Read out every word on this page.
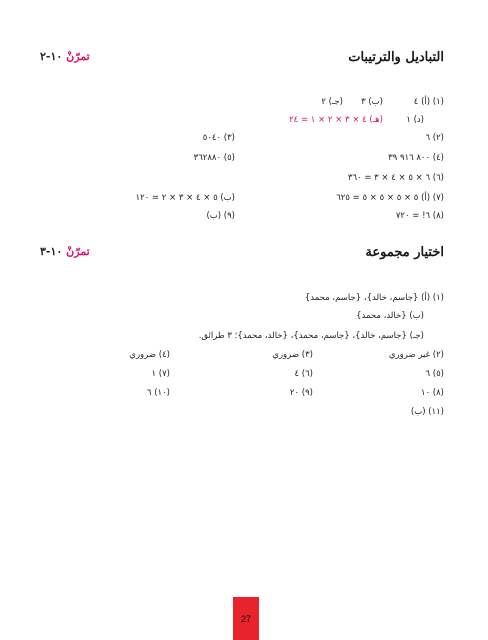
التباديل والترتيبات
تمرّنْ ١٠-٢
(١) (أ) ٤
(ب) ٣
(جـ) ٢
(د) ١
(هـ) ٤ × ٣ × ٢ × ١ = ٢٤
(٢) ٦
(٣) ٥٠٤٠
(٤) ٨٠٠ ٩١٦ ٣٩
(٥) ٣٦٢٨٨٠
(٦) ٦ × ٥ × ٤ × ٣ = ٣٦٠
(٧) (أ) ٥ × ٥ × ٥ × ٥ = ٦٢٥
(ب) ٥ × ٤ × ٣ × ٢ = ١٢٠
(٨) ٦! = ٧٢٠
(٩) (ب)
اختيار مجموعة
تمرّنْ ١٠-٣
(١) (أ) {جاسم، خالد}، {جاسم، محمد}
(ب) {خالد، محمد}
(جـ) {جاسم، خالد}، {جاسم، محمد}، {خالد، محمد}؛ ٣ طرائق.
(٢) غير ضروري
(٣) ضروري
(٤) ضروري
(٥) ٦
(٦) ٤
(٧) ١
(٨) ١٠
(٩) ٢٠
(١٠) ٦
(١١) (ب)
27
